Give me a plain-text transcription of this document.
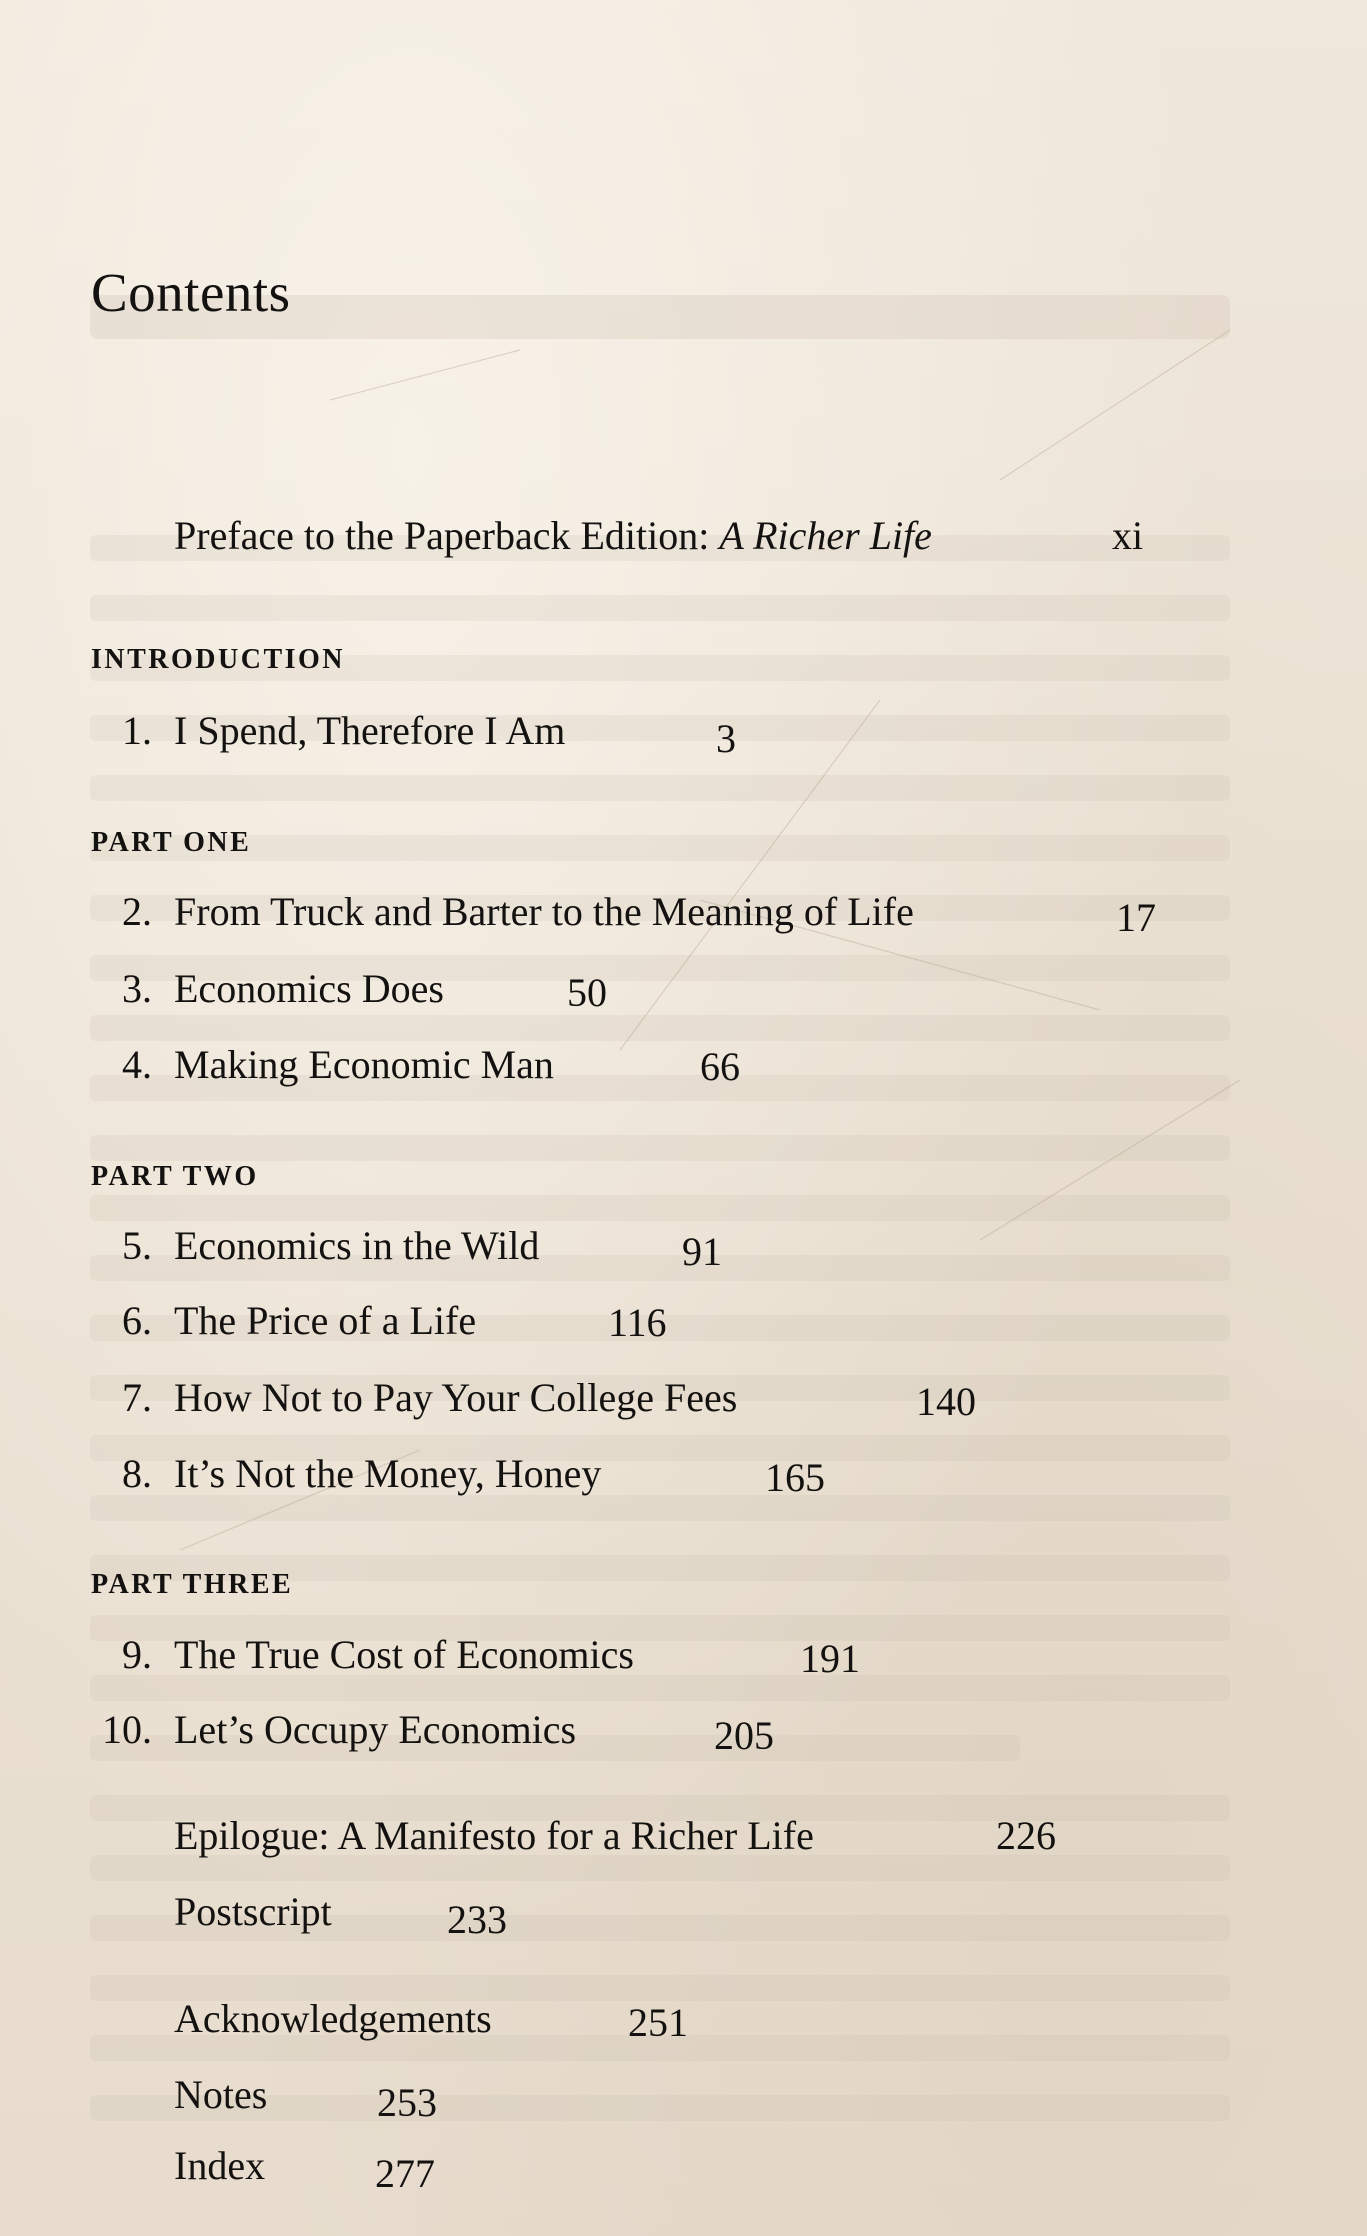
Contents
Preface to the Paperback Edition: A Richer Life	xi
INTRODUCTION
1. I Spend, Therefore I Am	3
PART ONE
2. From Truck and Barter to the Meaning of Life	17
3. Economics Does	50
4. Making Economic Man	66
PART TWO
5. Economics in the Wild	91
6. The Price of a Life	116
7. How Not to Pay Your College Fees	140
8. It’s Not the Money, Honey	165
PART THREE
9. The True Cost of Economics	191
10. Let’s Occupy Economics	205
Epilogue: A Manifesto for a Richer Life	226
Postscript	233
Acknowledgements	251
Notes	253
Index	277
